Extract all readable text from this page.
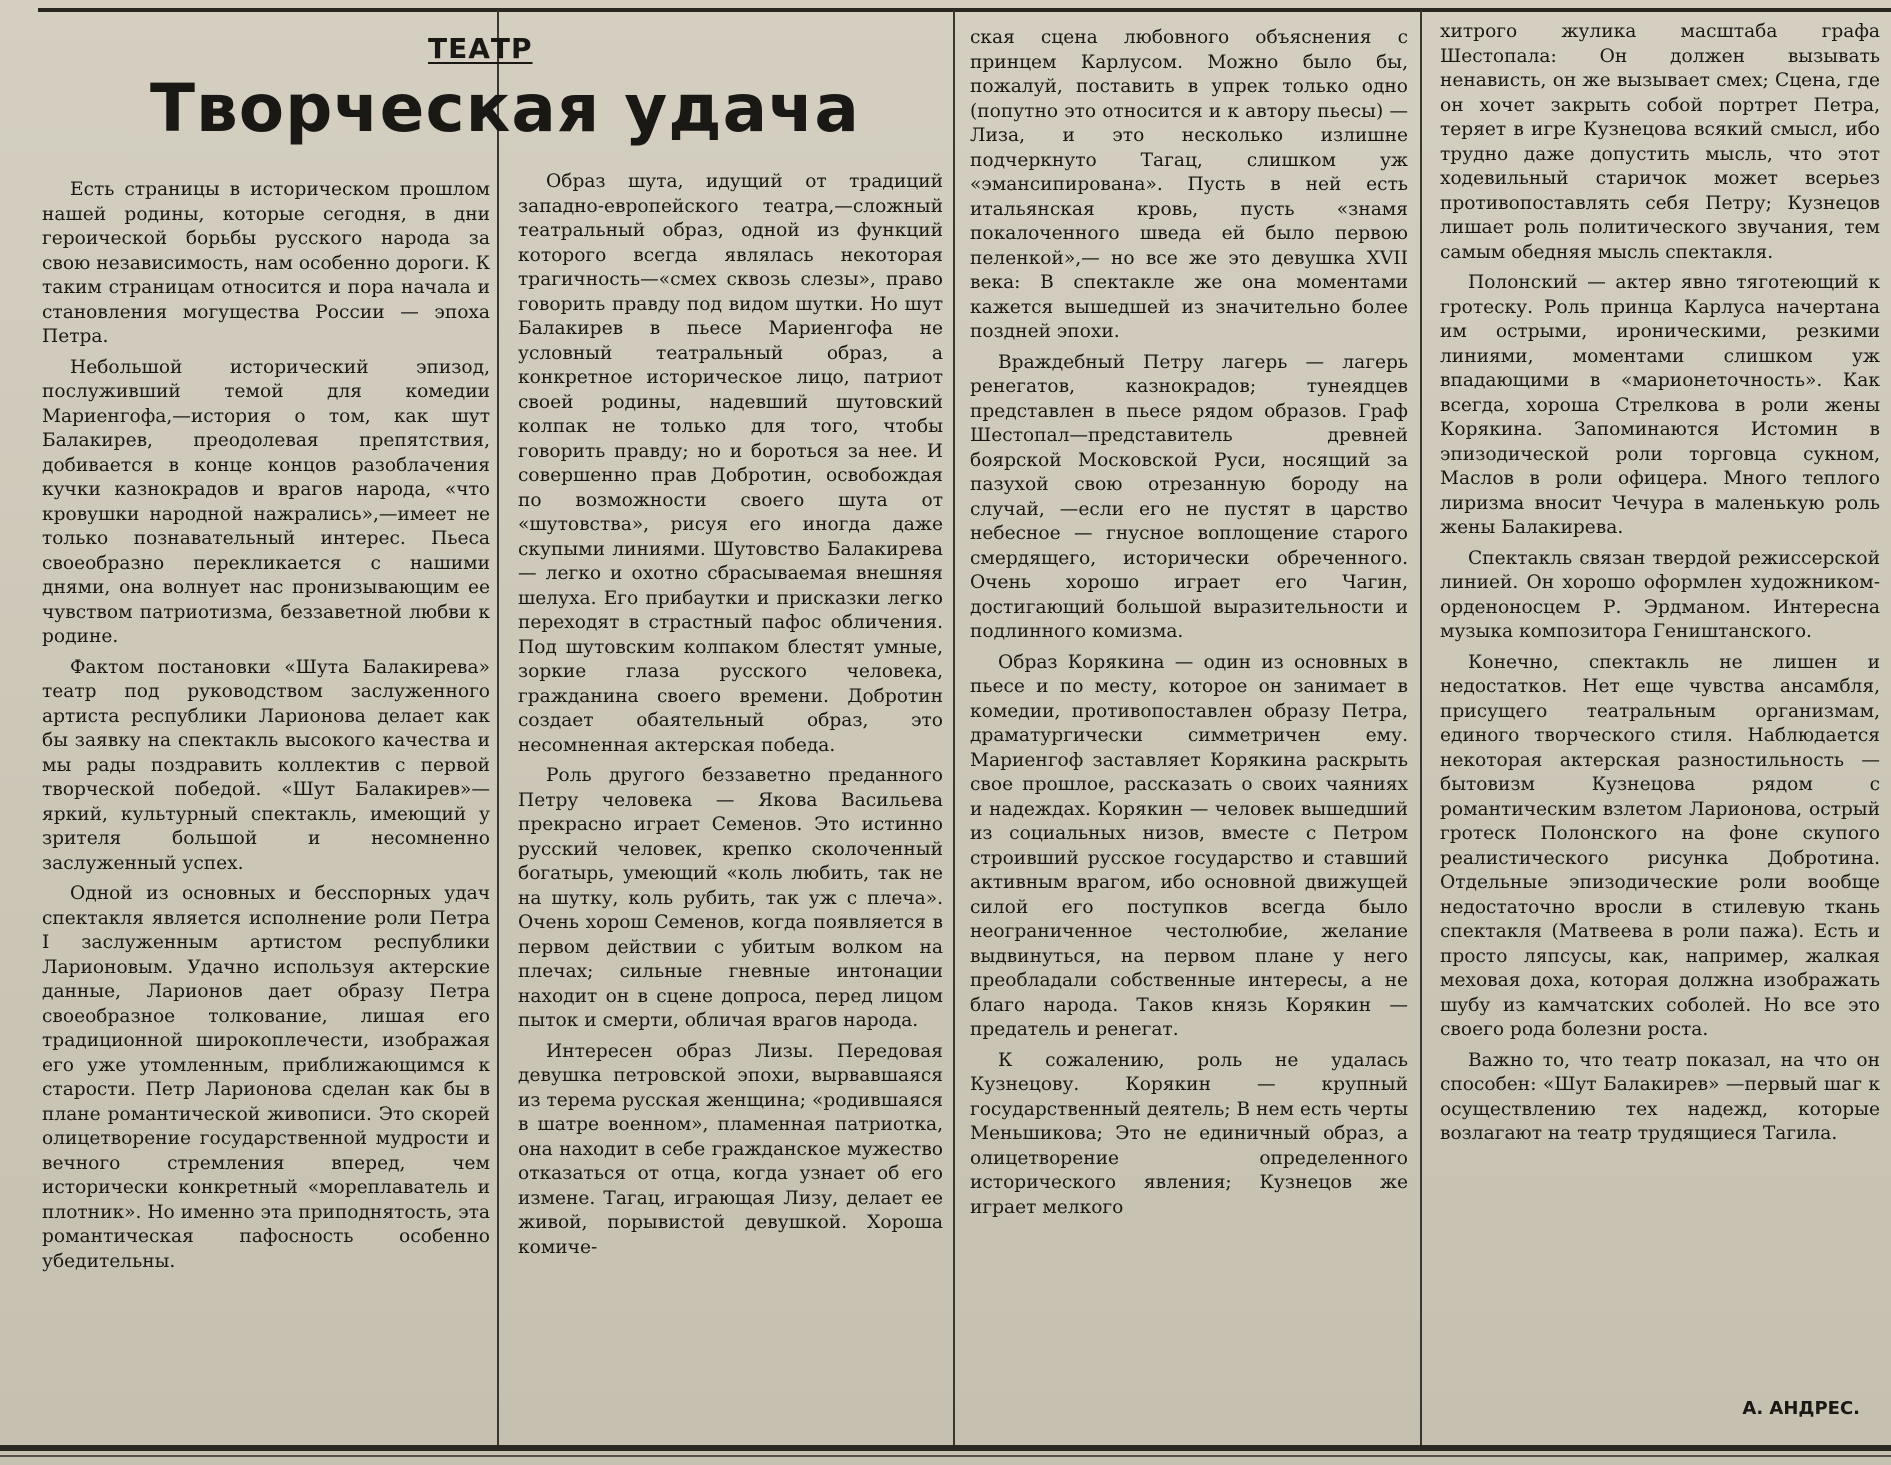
ТЕАТР
Творческая удача

Есть страницы в историческом прошлом нашей родины, которые сегодня, в дни героической борьбы русского народа за свою независимость, нам особенно дороги. К таким страницам относится и пора начала и становления могущества России — эпоха Петра.

Небольшой исторический эпизод, послуживший темой для комедии Мариенгофа,—история о том, как шут Балакирев, преодолевая препятствия, добивается в конце концов разоблачения кучки казнокрадов и врагов народа, «что кровушки народной нажрались»,—имеет не только познавательный интерес. Пьеса своеобразно перекликается с нашими днями, она волнует нас пронизывающим ее чувством патриотизма, беззаветной любви к родине.

Фактом постановки «Шута Балакирева» театр под руководством заслуженного артиста республики Ларионова делает как бы заявку на спектакль высокого качества и мы рады поздравить коллектив с первой творческой победой. «Шут Балакирев»—яркий, культурный спектакль, имеющий у зрителя большой и несомненно заслуженный успех.

Одной из основных и бесспорных удач спектакля является исполнение роли Петра I заслуженным артистом республики Ларионовым. Удачно используя актерские данные, Ларионов дает образу Петра своеобразное толкование, лишая его традиционной широкоплечести, изображая его уже утомленным, приближающимся к старости. Петр Ларионова сделан как бы в плане романтической живописи. Это скорей олицетворение государственной мудрости и вечного стремления вперед, чем исторически конкретный «мореплаватель и плотник». Но именно эта приподнятость, эта романтическая пафосность особенно убедительны.

Образ шута, идущий от традиций западно-европейского театра,—сложный театральный образ, одной из функций которого всегда являлась некоторая трагичность—«смех сквозь слезы», право говорить правду под видом шутки. Но шут Балакирев в пьесе Мариенгофа не условный театральный образ, а конкретное историческое лицо, патриот своей родины, надевший шутовский колпак не только для того, чтобы говорить правду; но и бороться за нее. И совершенно прав Добротин, освобождая по возможности своего шута от «шутовства», рисуя его иногда даже скупыми линиями. Шутовство Балакирева — легко и охотно сбрасываемая внешняя шелуха. Его прибаутки и присказки легко переходят в страстный пафос обличения. Под шутовским колпаком блестят умные, зоркие глаза русского человека, гражданина своего времени. Добротин создает обаятельный образ, это несомненная актерская победа.

Роль другого беззаветно преданного Петру человека — Якова Васильева прекрасно играет Семенов. Это истинно русский человек, крепко сколоченный богатырь, умеющий «коль любить, так не на шутку, коль рубить, так уж с плеча». Очень хорош Семенов, когда появляется в первом действии с убитым волком на плечах; сильные гневные интонации находит он в сцене допроса, перед лицом пыток и смерти, обличая врагов народа.

Интересен образ Лизы. Передовая девушка петровской эпохи, вырвавшаяся из терема русская женщина; «родившаяся в шатре военном», пламенная патриотка, она находит в себе гражданское мужество отказаться от отца, когда узнает об его измене. Тагац, играющая Лизу, делает ее живой, порывистой девушкой. Хороша комиче-

ская сцена любовного объяснения с принцем Карлусом. Можно было бы, пожалуй, поставить в упрек только одно (попутно это относится и к автору пьесы) — Лиза, и это несколько излишне подчеркнуто Тагац, слишком уж «эмансипирована». Пусть в ней есть итальянская кровь, пусть «знамя покалоченного шведа ей было первою пеленкой»,— но все же это девушка XVII века: В спектакле же она моментами кажется вышедшей из значительно более поздней эпохи.

Враждебный Петру лагерь — лагерь ренегатов, казнокрадов; тунеядцев представлен в пьесе рядом образов. Граф Шестопал—представитель древней боярской Московской Руси, носящий за пазухой свою отрезанную бороду на случай, —если его не пустят в царство небесное — гнусное воплощение старого смердящего, исторически обреченного. Очень хорошо играет его Чагин, достигающий большой выразительности и подлинного комизма.

Образ Корякина — один из основных в пьесе и по месту, которое он занимает в комедии, противопоставлен образу Петра, драматургически симметричен ему. Мариенгоф заставляет Корякина раскрыть свое прошлое, рассказать о своих чаяниях и надеждах. Корякин — человек вышедший из социальных низов, вместе с Петром строивший русское государство и ставший активным врагом, ибо основной движущей силой его поступков всегда было неограниченное честолюбие, желание выдвинуться, на первом плане у него преобладали собственные интересы, а не благо народа. Таков князь Корякин — предатель и ренегат.

К сожалению, роль не удалась Кузнецову. Корякин — крупный государственный деятель; В нем есть черты Меньшикова; Это не единичный образ, а олицетворение определенного исторического явления; Кузнецов же играет мелкого

хитрого жулика масштаба графа Шестопала: Он должен вызывать ненависть, он же вызывает смех; Сцена, где он хочет закрыть собой портрет Петра, теряет в игре Кузнецова всякий смысл, ибо трудно даже допустить мысль, что этот ходевильный старичок может всерьез противопоставлять себя Петру; Кузнецов лишает роль политического звучания, тем самым обедняя мысль спектакля.

Полонский — актер явно тяготеющий к гротеску. Роль принца Карлуса начертана им острыми, ироническими, резкими линиями, моментами слишком уж впадающими в «марионеточность». Как всегда, хороша Стрелкова в роли жены Корякина. Запоминаются Истомин в эпизодической роли торговца сукном, Маслов в роли офицера. Много теплого лиризма вносит Чечура в маленькую роль жены Балакирева.

Спектакль связан твердой режиссерской линией. Он хорошо оформлен художником-орденоносцем Р. Эрдманом. Интересна музыка композитора Геништанского.

Конечно, спектакль не лишен и недостатков. Нет еще чувства ансамбля, присущего театральным организмам, единого творческого стиля. Наблюдается некоторая актерская разностильность — бытовизм Кузнецова рядом с романтическим взлетом Ларионова, острый гротеск Полонского на фоне скупого реалистического рисунка Добротина. Отдельные эпизодические роли вообще недостаточно вросли в стилевую ткань спектакля (Матвеева в роли пажа). Есть и просто ляпсусы, как, например, жалкая меховая доха, которая должна изображать шубу из камчатских соболей. Но все это своего рода болезни роста.

Важно то, что театр показал, на что он способен: «Шут Балакирев» —первый шаг к осуществлению тех надежд, которые возлагают на театр трудящиеся Тагила.

А. АНДРЕС.
